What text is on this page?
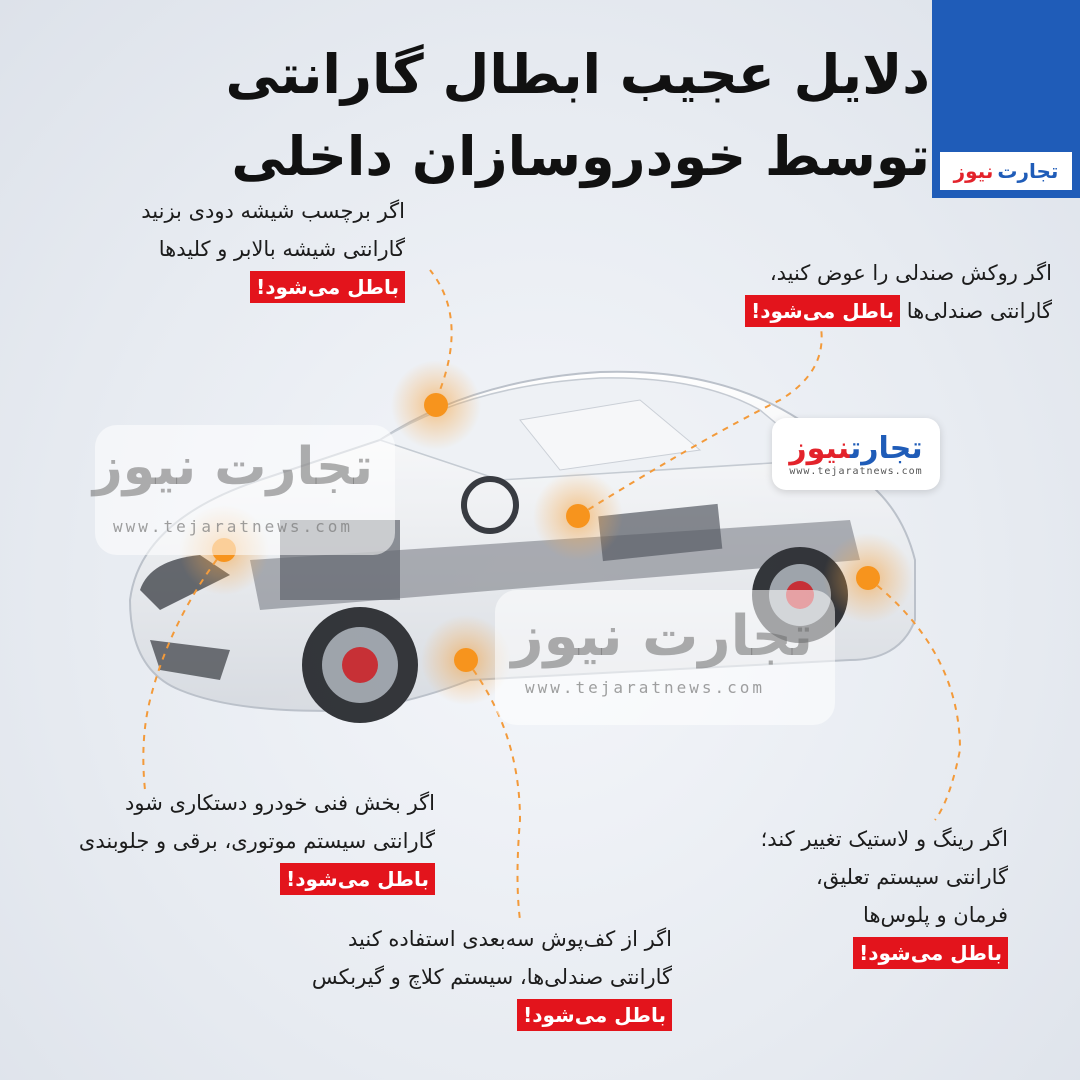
تجارت
نیوز
دلایل عجیب ابطال گارانتی
توسط خودروسازان داخلی
تجارت نیوز
www.tejaratnews.com
تجارت نیوز
www.tejaratnews.com
تجارتنیوز
www.tejaratnews.com
اگر برچسب شیشه دودی بزنید
گارانتی شیشه بالابر و کلیدها
باطل می‌شود!
اگر روکش صندلی را عوض کنید،
گارانتی صندلی‌ها باطل می‌شود!
اگر بخش فنی خودرو دستکاری شود
گارانتی سیستم موتوری، برقی و جلوبندی
باطل می‌شود!
اگر رینگ و لاستیک تغییر کند؛
گارانتی سیستم تعلیق،
فرمان و پلوس‌ها
باطل می‌شود!
اگر از کف‌پوش سه‌بعدی استفاده کنید
گارانتی صندلی‌ها، سیستم کلاچ و گیربکس
باطل می‌شود!
